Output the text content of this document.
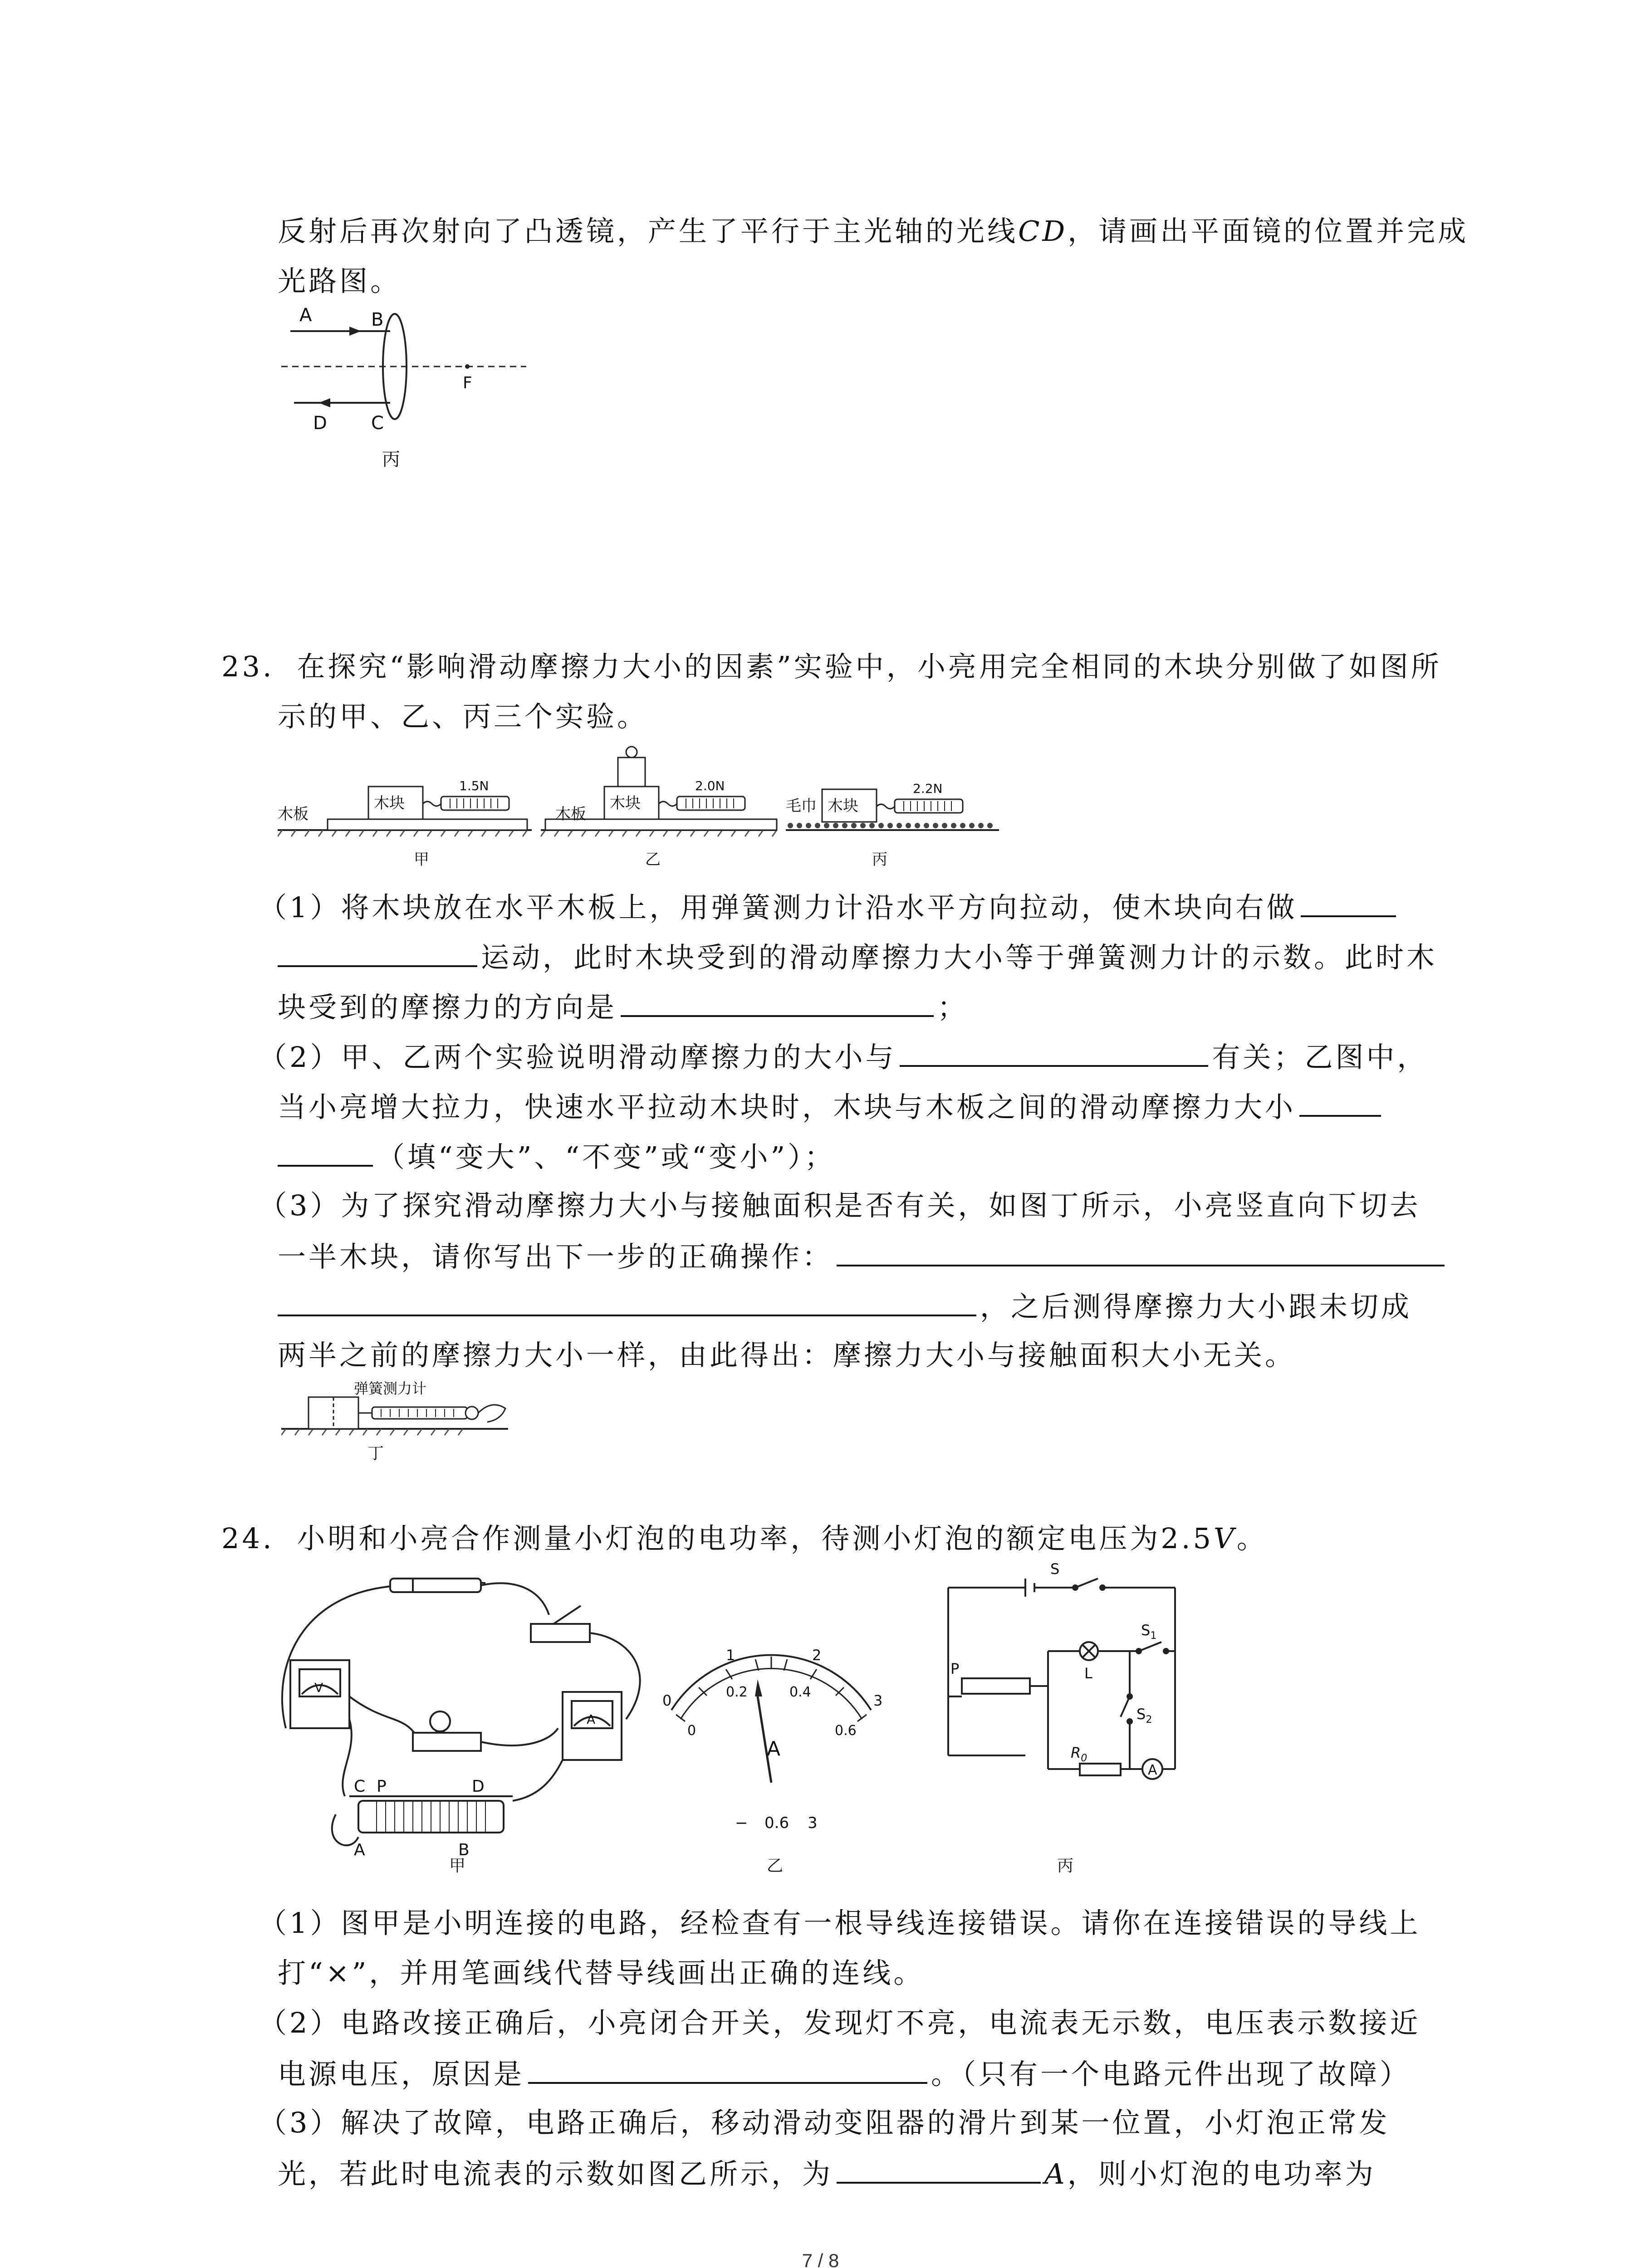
反射后再次射向了凸透镜，产生了平行于主光轴的光线CD，请画出平面镜的位置并完成
光路图。
A	B
F
D C
丙
23. 在探究“影响滑动摩擦力大小的因素”实验中，小亮用完全相同的木块分别做了如图所
示的甲、乙、丙三个实验。
木块
1.5N
木板
甲
木块
2.0N
木板
乙
木块
2.2N
毛巾
丙
（1）将木块放在水平木板上，用弹簧测力计沿水平方向拉动，使木块向右做
运动，此时木块受到的滑动摩擦力大小等于弹簧测力计的示数。此时木
块受到的摩擦力的方向是	；
（2）甲、乙两个实验说明滑动摩擦力的大小与	有关；乙图中，
当小亮增大拉力，快速水平拉动木块时，木块与木板之间的滑动摩擦力大小
（填“变大”、“不变”或“变小”）；
（3）为了探究滑动摩擦力大小与接触面积是否有关，如图丁所示，小亮竖直向下切去
一半木块，请你写出下一步的正确操作：
，之后测得摩擦力大小跟未切成
两半之前的摩擦力大小一样，由此得出：摩擦力大小与接触面积大小无关。
弹簧测力计
丁
24. 小明和小亮合作测量小灯泡的电功率，待测小灯泡的额定电压为2.5V。
V
A
C P	D
A	B
甲
0
1	2
3
0
0.2	0.4
0.6
A
− 0.6 3
乙
S
$S_1$
L
$S_2$
$R_0$
A
P
丙
（1）图甲是小明连接的电路，经检查有一根导线连接错误。请你在连接错误的导线上
打“×”，并用笔画线代替导线画出正确的连线。
（2）电路改接正确后，小亮闭合开关，发现灯不亮，电流表无示数，电压表示数接近
电源电压，原因是	。（只有一个电路元件出现了故障）
（3）解决了故障，电路正确后，移动滑动变阻器的滑片到某一位置，小灯泡正常发
光，若此时电流表的示数如图乙所示，为	A，则小灯泡的电功率为
7 / 8
